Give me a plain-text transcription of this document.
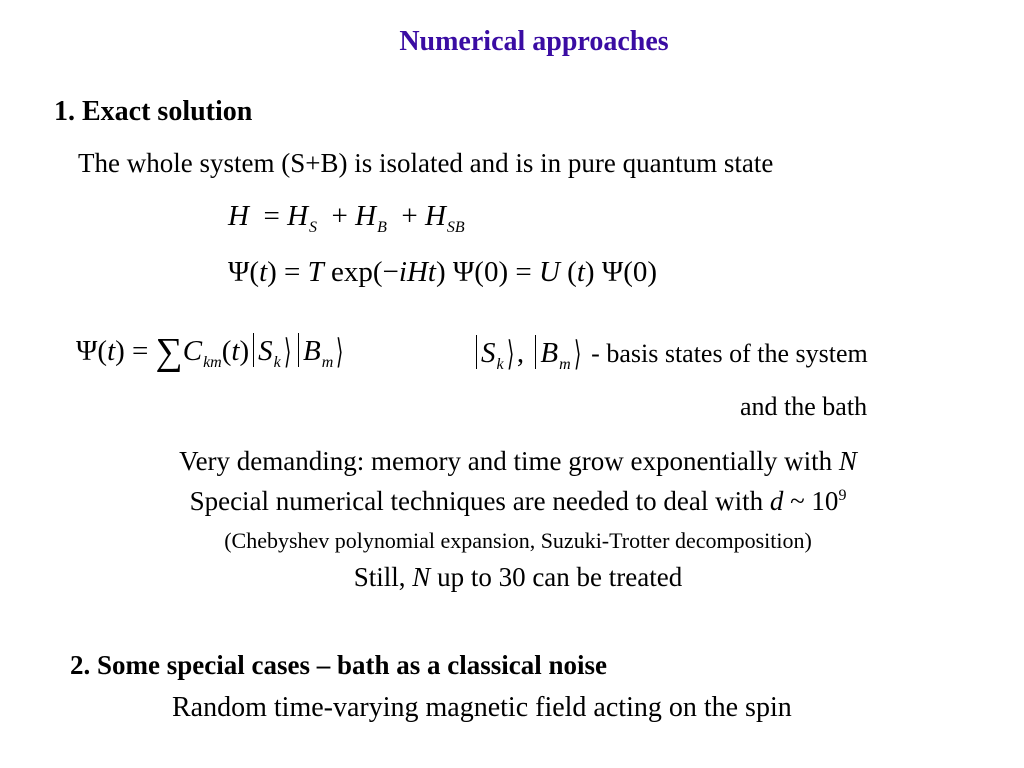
Numerical approaches
1. Exact solution
The whole system (S+B) is isolated and is in pure quantum state
$H = H_S + H_B + H_{SB}$
Ψ(t) = T exp(−iHt) Ψ(0) = U (t) Ψ(0)
$\Psi(t) = \sum C_{km}(t)$ $S_k⟩$ $B_m⟩$	$S_k⟩$ , $B_m⟩$ - basis states of the system
and the bath
Very demanding: memory and time grow exponentially with N
Special numerical techniques are needed to deal with d ~ $10^9$
(Chebyshev polynomial expansion, Suzuki-Trotter decomposition)
Still, N up to 30 can be treated
2. Some special cases – bath as a classical noise
Random time-varying magnetic field acting on the spin
